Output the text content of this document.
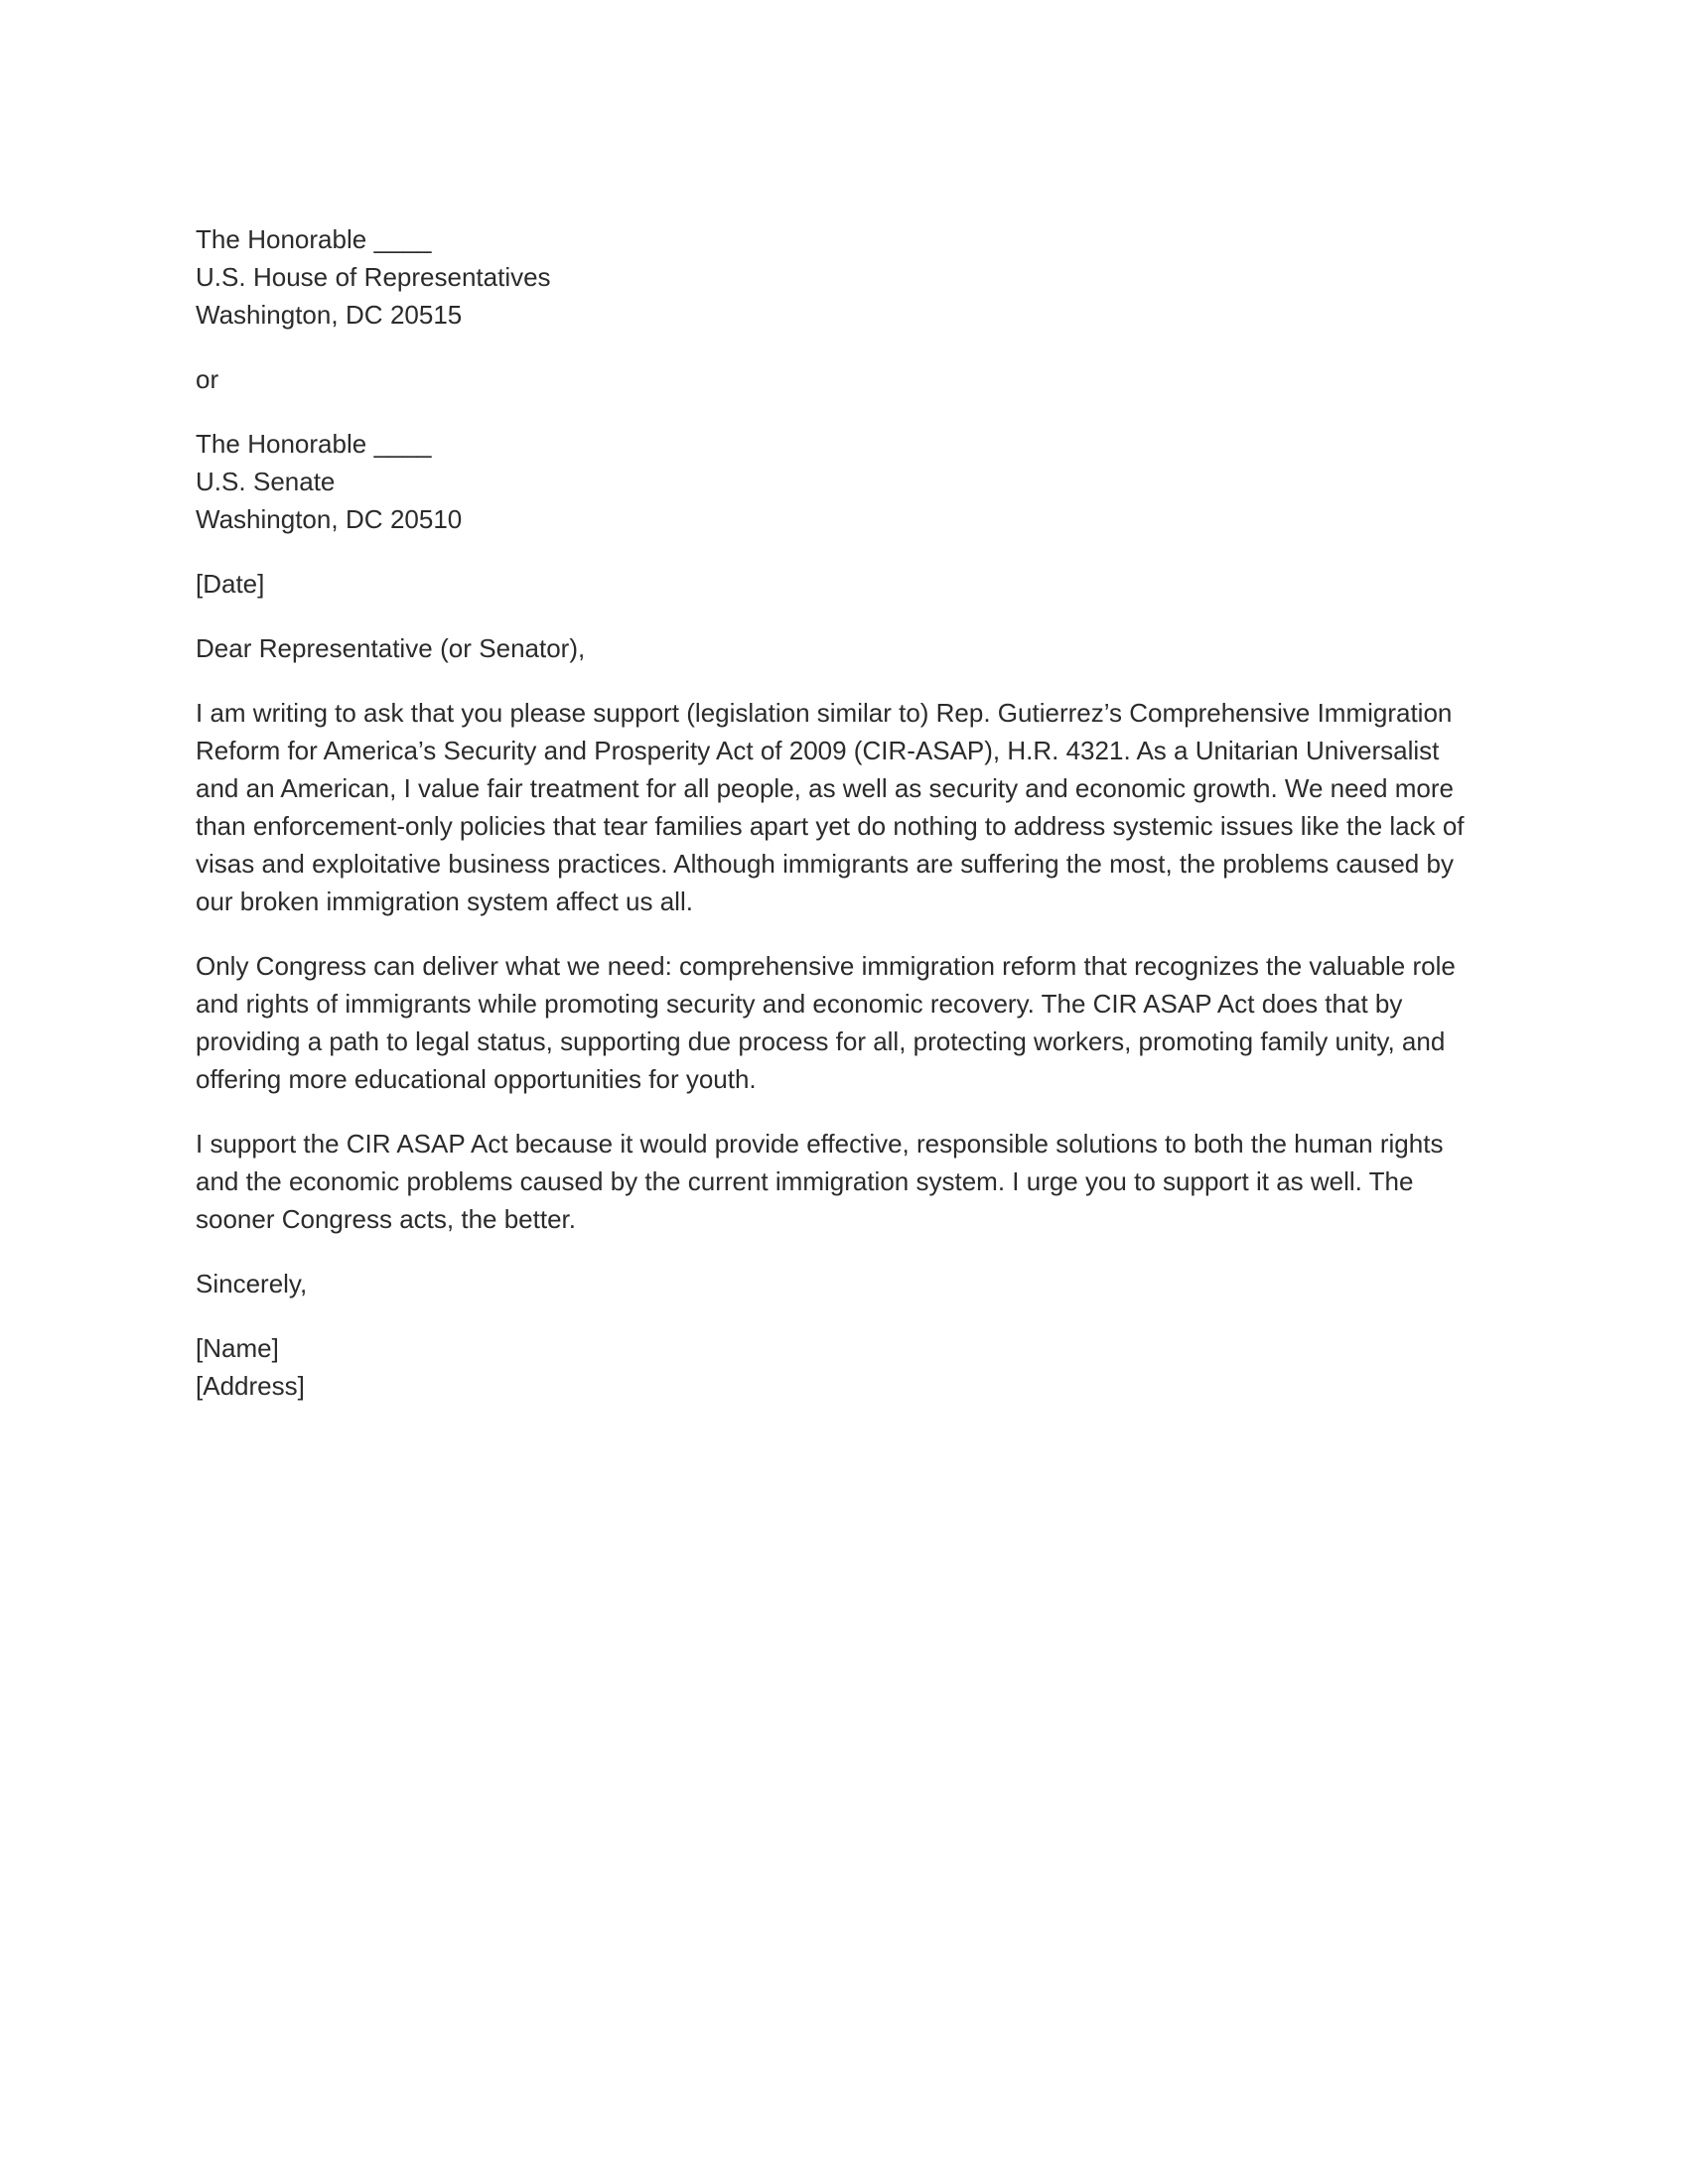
The Honorable ____
U.S. House of Representatives
Washington, DC 20515
or
The Honorable ____
U.S. Senate
Washington, DC 20510
[Date]
Dear Representative (or Senator),

I am writing to ask that you please support (legislation similar to) Rep. Gutierrez’s Comprehensive Immigration Reform for America’s Security and Prosperity Act of 2009 (CIR-ASAP), H.R. 4321. As a Unitarian Universalist and an American, I value fair treatment for all people, as well as security and economic growth. We need more than enforcement-only policies that tear families apart yet do nothing to address systemic issues like the lack of visas and exploitative business practices. Although immigrants are suffering the most, the problems caused by our broken immigration system affect us all.

Only Congress can deliver what we need: comprehensive immigration reform that recognizes the valuable role and rights of immigrants while promoting security and economic recovery. The CIR ASAP Act does that by providing a path to legal status, supporting due process for all, protecting workers, promoting family unity, and offering more educational opportunities for youth.

I support the CIR ASAP Act because it would provide effective, responsible solutions to both the human rights and the economic problems caused by the current immigration system. I urge you to support it as well. The sooner Congress acts, the better.

Sincerely,
[Name]
[Address]
